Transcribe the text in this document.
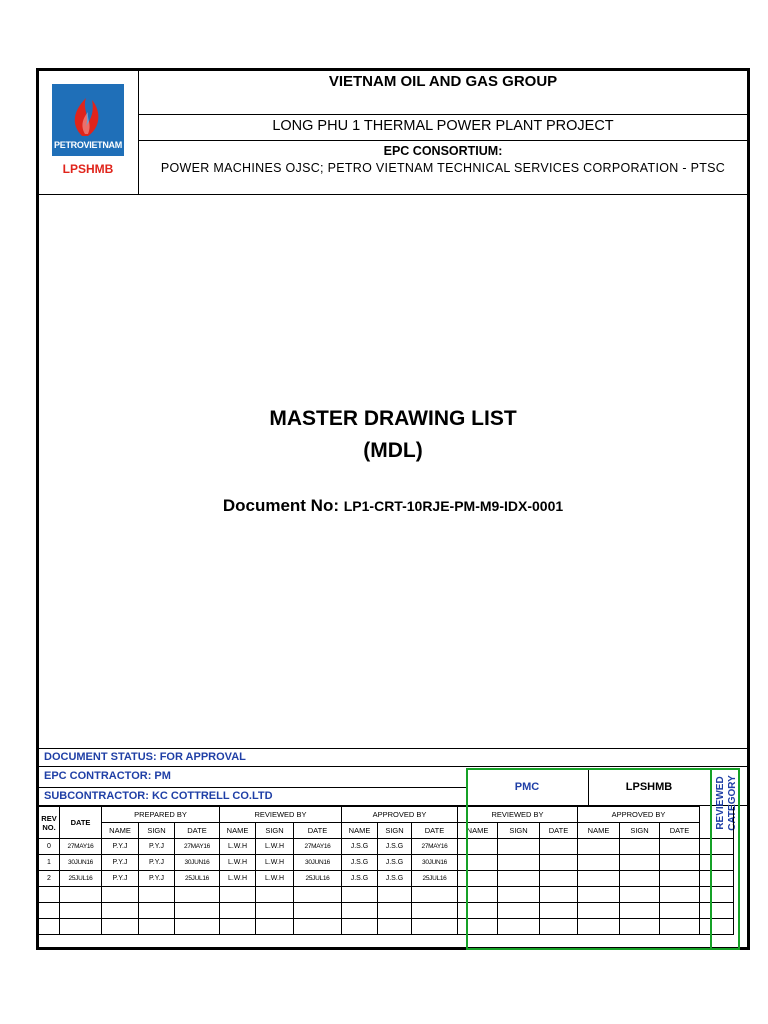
PETROVIETNAM
LPSHMB
VIETNAM OIL AND GAS GROUP
LONG PHU 1 THERMAL POWER PLANT PROJECT
EPC CONSORTIUM:
POWER MACHINES OJSC; PETRO VIETNAM TECHNICAL SERVICES CORPORATION - PTSC
MASTER DRAWING LIST
(MDL)
Document No: LP1-CRT-10RJE-PM-M9-IDX-0001
DOCUMENT STATUS: FOR APPROVAL
EPC CONTRACTOR: PM
SUBCONTRACTOR: KC COTTRELL CO.LTD
PMC	LPSHMB	REVIEWED CATEGORY
REV NO.	DATE	PREPARED BY			REVIEWED BY			APPROVED BY			REVIEWED BY			APPROVED BY			
		NAME	SIGN	DATE	NAME	SIGN	DATE	NAME	SIGN	DATE	NAME	SIGN	DATE	NAME	SIGN	DATE	
0	27MAY16	P.Y.J	P.Y.J	27MAY16	L.W.H	L.W.H	27MAY16	J.S.G	J.S.G	27MAY16							
1	30JUN16	P.Y.J	P.Y.J	30JUN16	L.W.H	L.W.H	30JUN16	J.S.G	J.S.G	30JUN16							
2	25JUL16	P.Y.J	P.Y.J	25JUL16	L.W.H	L.W.H	25JUL16	J.S.G	J.S.G	25JUL16							
